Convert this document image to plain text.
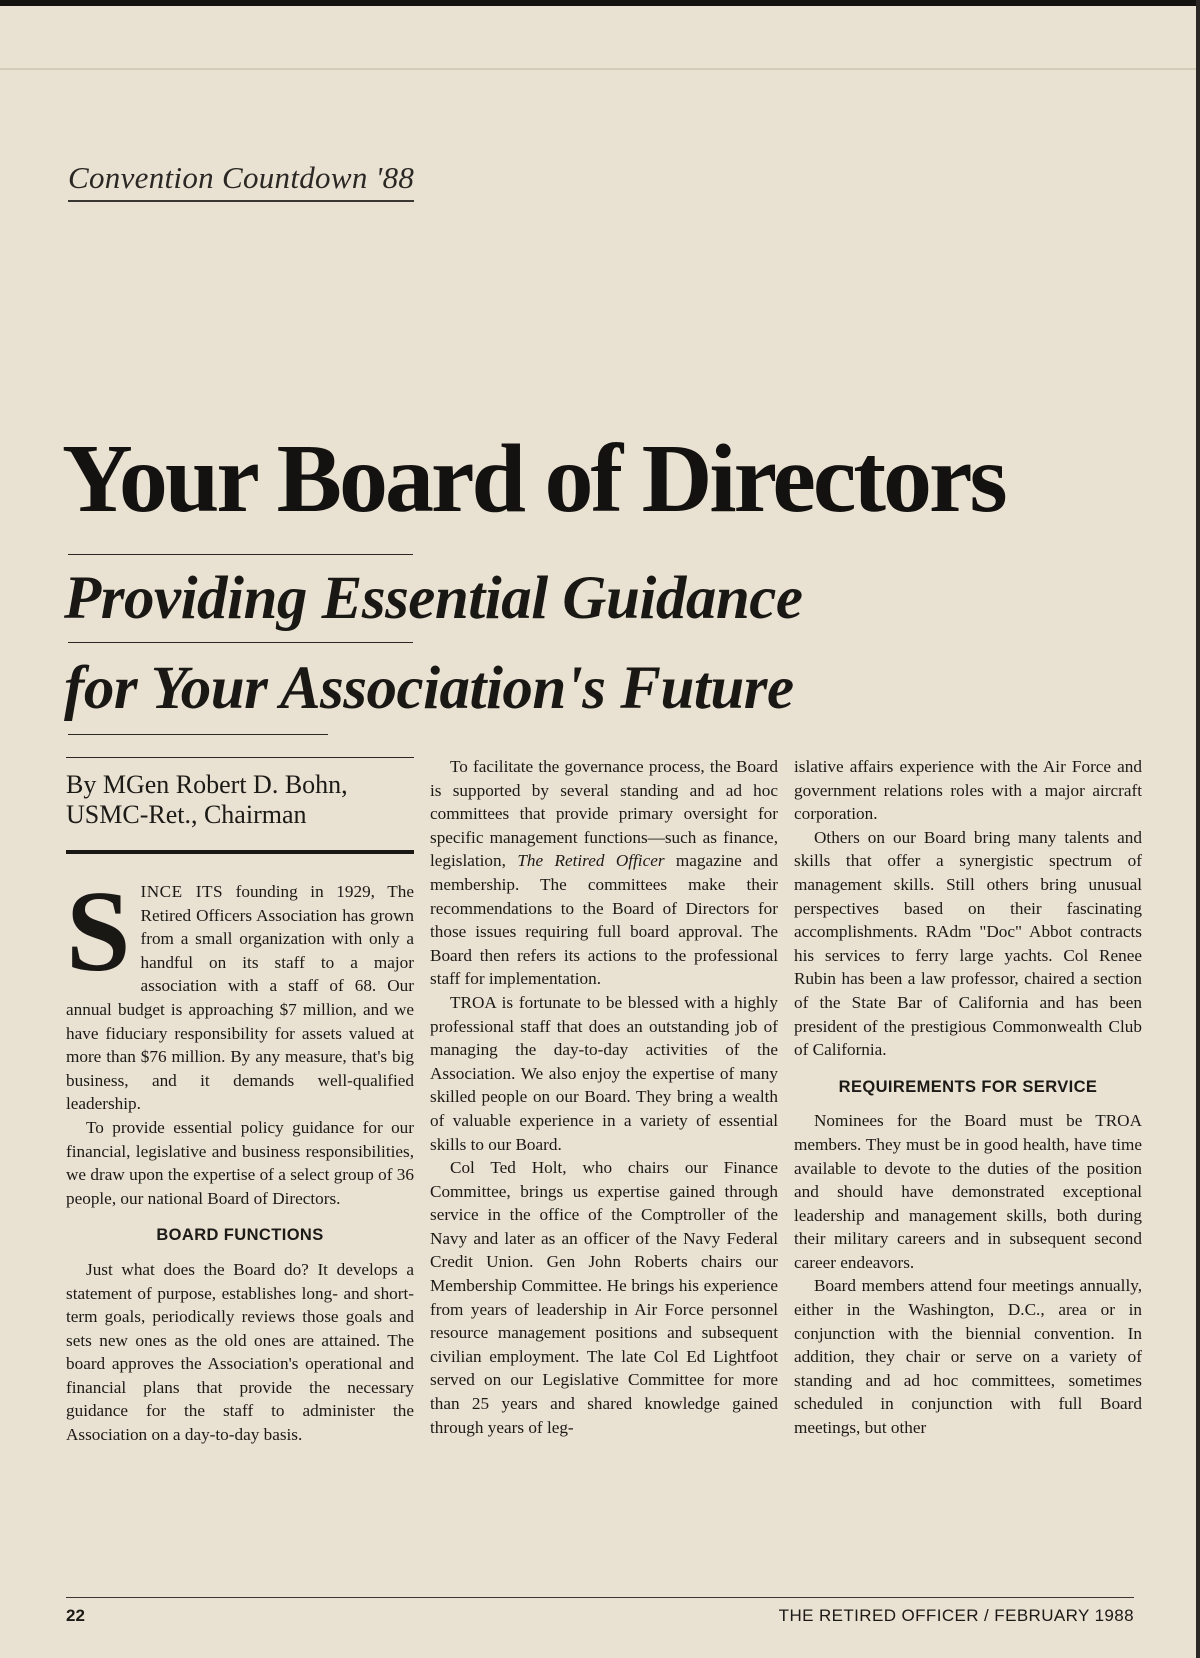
Convention Countdown '88
Your Board of Directors
Providing Essential Guidance
for Your Association's Future
By MGen Robert D. Bohn,
USMC-Ret., Chairman

SINCE ITS founding in 1929, The Retired Officers Association has grown from a small organization with only a handful on its staff to a major association with a staff of 68. Our annual budget is approaching $7 million, and we have fiduciary responsibility for assets valued at more than $76 million. By any measure, that's big business, and it demands well-qualified leadership.

To provide essential policy guidance for our financial, legislative and business responsibilities, we draw upon the expertise of a select group of 36 people, our national Board of Directors.

BOARD FUNCTIONS

Just what does the Board do? It develops a statement of purpose, establishes long- and short-term goals, periodically reviews those goals and sets new ones as the old ones are attained. The board approves the Association's operational and financial plans that provide the necessary guidance for the staff to administer the Association on a day-to-day basis.

To facilitate the governance process, the Board is supported by several standing and ad hoc committees that provide primary oversight for specific management functions—such as finance, legislation, The Retired Officer magazine and membership. The committees make their recommendations to the Board of Directors for those issues requiring full board approval. The Board then refers its actions to the professional staff for implementation.

TROA is fortunate to be blessed with a highly professional staff that does an outstanding job of managing the day-to-day activities of the Association. We also enjoy the expertise of many skilled people on our Board. They bring a wealth of valuable experience in a variety of essential skills to our Board.

Col Ted Holt, who chairs our Finance Committee, brings us expertise gained through service in the office of the Comptroller of the Navy and later as an officer of the Navy Federal Credit Union. Gen John Roberts chairs our Membership Committee. He brings his experience from years of leadership in Air Force personnel resource management positions and subsequent civilian employment. The late Col Ed Lightfoot served on our Legislative Committee for more than 25 years and shared knowledge gained through years of leg-

islative affairs experience with the Air Force and government relations roles with a major aircraft corporation.

Others on our Board bring many talents and skills that offer a synergistic spectrum of management skills. Still others bring unusual perspectives based on their fascinating accomplishments. RAdm "Doc" Abbot contracts his services to ferry large yachts. Col Renee Rubin has been a law professor, chaired a section of the State Bar of California and has been president of the prestigious Commonwealth Club of California.

REQUIREMENTS FOR SERVICE

Nominees for the Board must be TROA members. They must be in good health, have time available to devote to the duties of the position and should have demonstrated exceptional leadership and management skills, both during their military careers and in subsequent second career endeavors.

Board members attend four meetings annually, either in the Washington, D.C., area or in conjunction with the biennial convention. In addition, they chair or serve on a variety of standing and ad hoc committees, sometimes scheduled in conjunction with full Board meetings, but other

22	THE RETIRED OFFICER / FEBRUARY 1988
